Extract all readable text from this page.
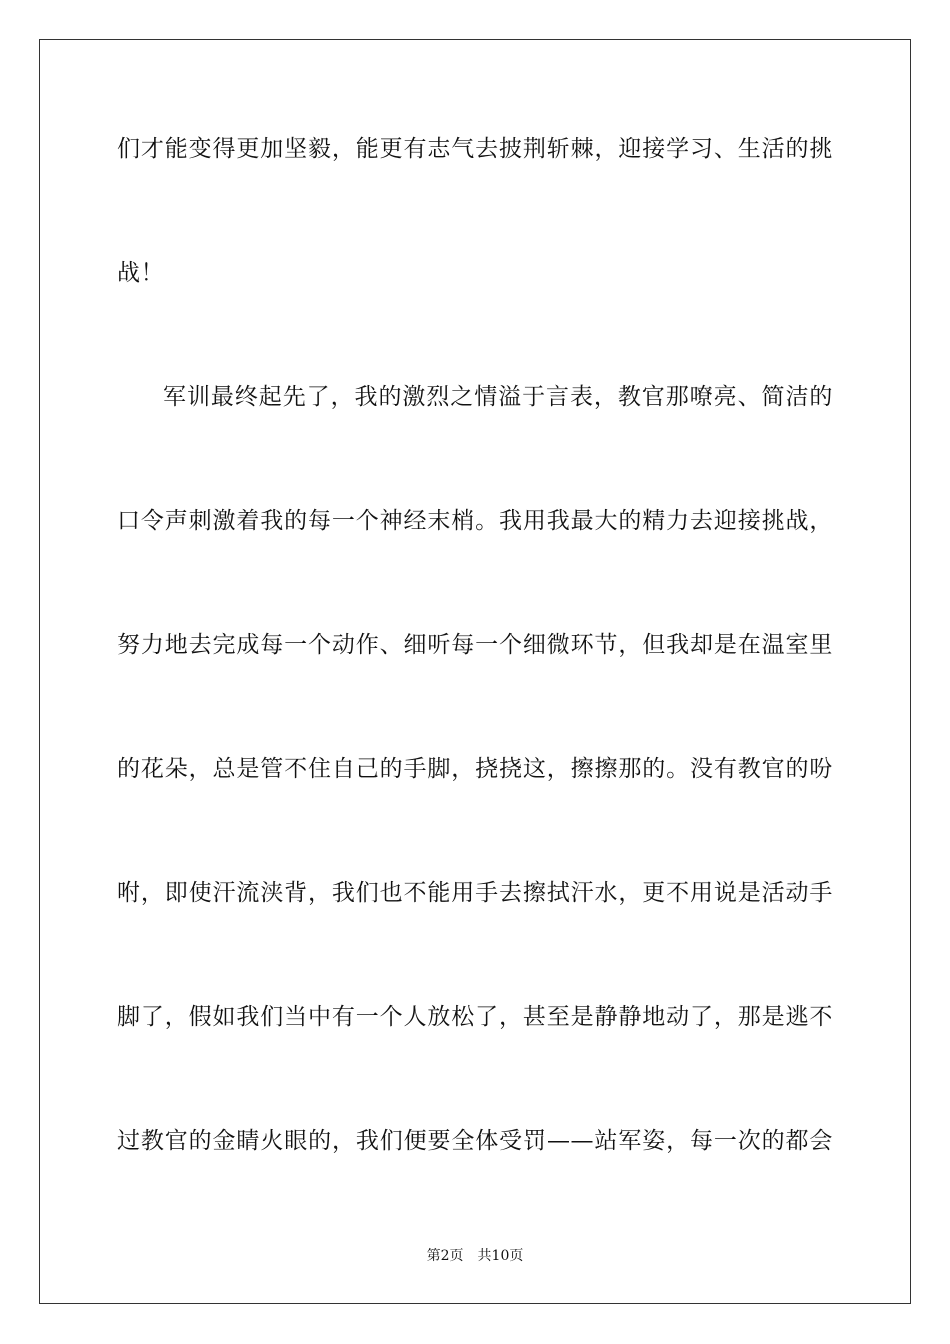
们才能变得更加坚毅，能更有志气去披荆斩棘，迎接学习、生活的挑
战！
军训最终起先了，我的激烈之情溢于言表，教官那嘹亮、简洁的
口令声刺激着我的每一个神经末梢。我用我最大的精力去迎接挑战，
努力地去完成每一个动作、细听每一个细微环节，但我却是在温室里
的花朵，总是管不住自己的手脚，挠挠这，擦擦那的。没有教官的吩
咐，即使汗流浃背，我们也不能用手去擦拭汗水，更不用说是活动手
脚了，假如我们当中有一个人放松了，甚至是静静地动了，那是逃不
过教官的金睛火眼的，我们便要全体受罚——站军姿，每一次的都会
第2页 共10页
